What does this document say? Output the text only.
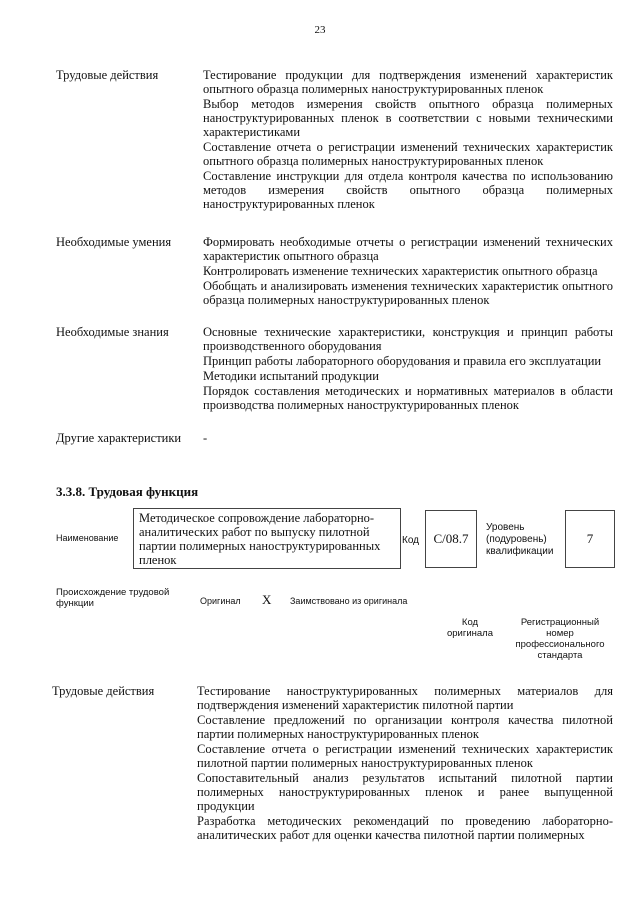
23
Трудовые действия	Тестирование продукции для подтверждения изменений характеристик опытного образца полимерных наноструктурированных пленок

Выбор методов измерения свойств опытного образца полимерных наноструктурированных пленок в соответствии с новыми техническими характеристиками

Составление отчета о регистрации изменений технических характеристик опытного образца полимерных наноструктурированных пленок

Составление инструкции для отдела контроля качества по использованию методов измерения свойств опытного образца полимерных наноструктурированных пленок

Необходимые умения	Формировать необходимые отчеты о регистрации изменений технических характеристик опытного образца

Контролировать изменение технических характеристик опытного образца

Обобщать и анализировать изменения технических характеристик опытного образца полимерных наноструктурированных пленок

Необходимые знания	Основные технические характеристики, конструкция и принцип работы производственного оборудования

Принцип работы лабораторного оборудования и правила его эксплуатации

Методики испытаний продукции

Порядок составления методических и нормативных материалов в области производства полимерных наноструктурированных пленок

Другие характеристики -
3.3.8. Трудовая функция
Наименование
Методическое сопровождение лабораторно-аналитических работ по выпуску пилотной партии полимерных наноструктурированных пленок
Код	C/08.7
Уровень (подуровень) квалификации
7
Происхождение трудовой функции	Оригинал X Заимствовано из оригинала
Код оригинала
Регистрационный номер профессионального стандарта
Трудовые действия	Тестирование наноструктурированных полимерных материалов для подтверждения изменений характеристик пилотной партии

Составление предложений по организации контроля качества пилотной партии полимерных наноструктурированных пленок

Составление отчета о регистрации изменений технических характеристик пилотной партии полимерных наноструктурированных пленок

Сопоставительный анализ результатов испытаний пилотной партии полимерных наноструктурированных пленок и ранее выпущенной продукции

Разработка методических рекомендаций по проведению лабораторно-аналитических работ для оценки качества пилотной партии полимерных
